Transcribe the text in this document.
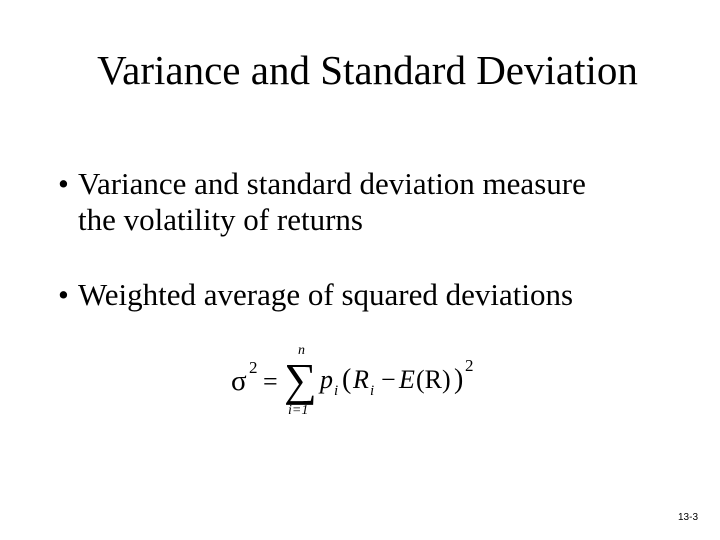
Variance and Standard Deviation
• Variance and standard deviation measure
the volatility of returns
• Weighted average of squared deviations
σ 2 =
n
∑
i=1
p i ( R i − E (R) ) 2
13-3
